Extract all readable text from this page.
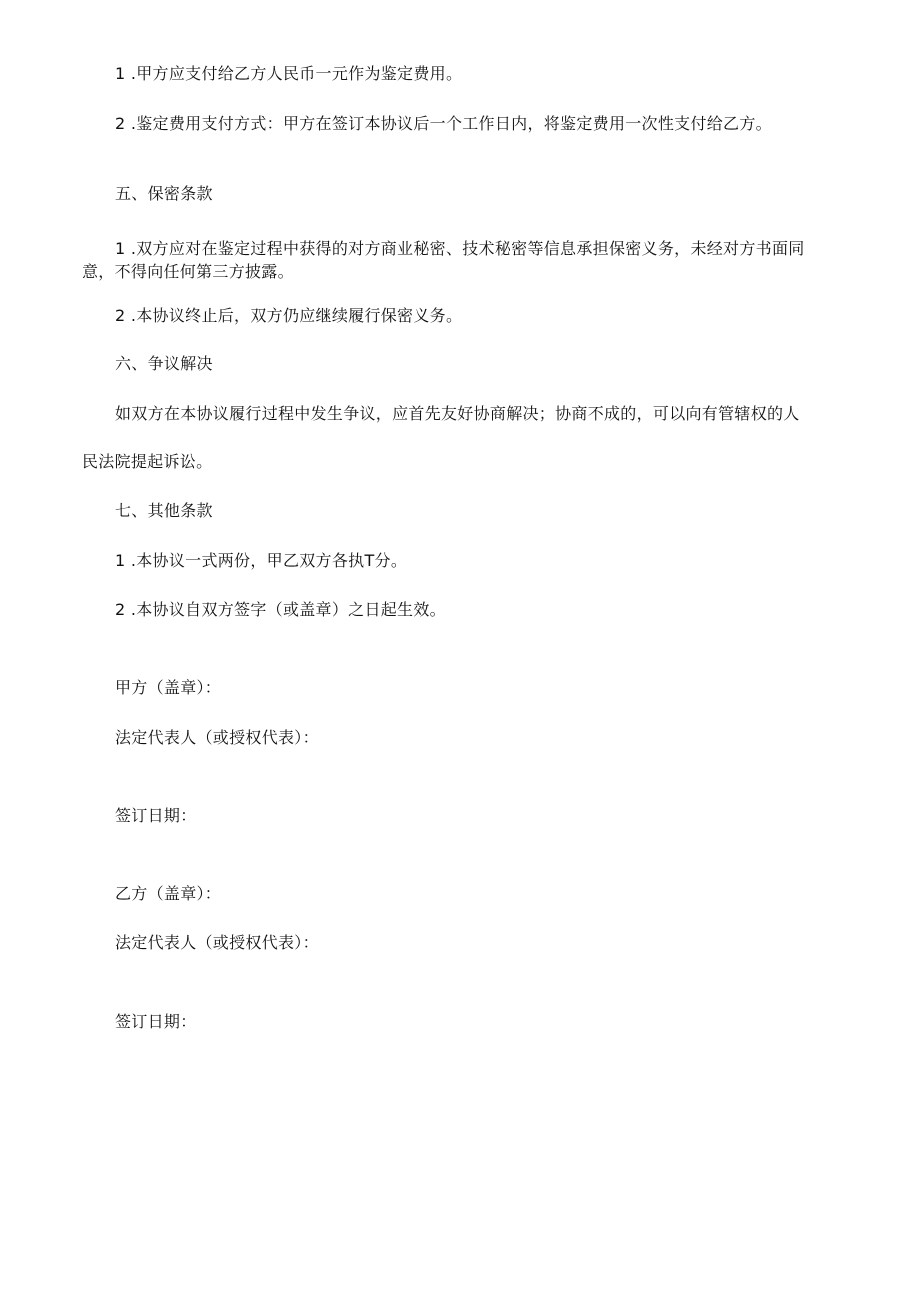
1 .甲方应支付给乙方人民币一元作为鉴定费用。
2 .鉴定费用支付方式：甲方在签订本协议后一个工作日内，将鉴定费用一次性支付给乙方。
五、保密条款
1 .双方应对在鉴定过程中获得的对方商业秘密、技术秘密等信息承担保密义务，未经对方书面同
意，不得向任何第三方披露。
2 .本协议终止后，双方仍应继续履行保密义务。
六、争议解决
如双方在本协议履行过程中发生争议，应首先友好协商解决；协商不成的，可以向有管辖权的人
民法院提起诉讼。
七、其他条款
1 .本协议一式两份，甲乙双方各执T分。
2 .本协议自双方签字（或盖章）之日起生效。
甲方（盖章）：
法定代表人（或授权代表）：
签订日期：
乙方（盖章）：
法定代表人（或授权代表）：
签订日期：
